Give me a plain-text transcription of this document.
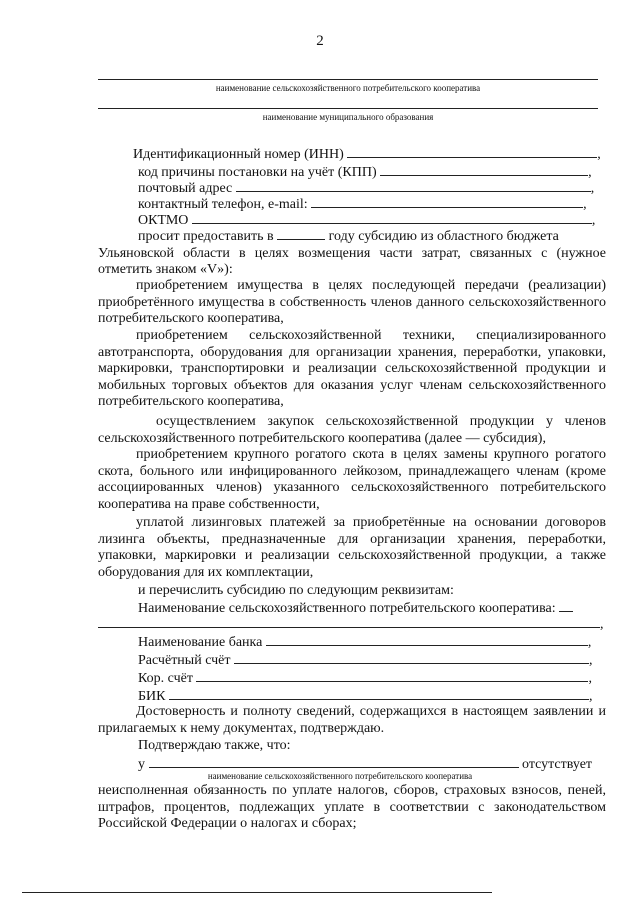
2
наименование сельскохозяйственного потребительского кооператива
наименование муниципального образования
Идентификационный номер (ИНН)	,
код причины постановки на учёт (КПП)	,
почтовый адрес	,
контактный телефон, e-mail:	,
ОКТМО	,
просит предоставить в	году субсидию из областного бюджета
Ульяновской области в целях возмещения части затрат, связанных с (нужное отметить знаком «V»):
приобретением имущества в целях последующей передачи (реализации) приобретённого имущества в собственность членов данного сельскохозяйственного потребительского кооператива,
приобретением сельскохозяйственной техники, специализированного автотранспорта, оборудования для организации хранения, переработки, упаковки, маркировки, транспортировки и реализации сельскохозяйственной продукции и мобильных торговых объектов для оказания услуг членам сельскохозяйственного потребительского кооператива,
осуществлением закупок сельскохозяйственной продукции у членов сельскохозяйственного потребительского кооператива (далее — субсидия),
приобретением крупного рогатого скота в целях замены крупного рогатого скота, больного или инфицированного лейкозом, принадлежащего членам (кроме ассоциированных членов) указанного сельскохозяйственного потребительского кооператива на праве собственности,
уплатой лизинговых платежей за приобретённые на основании договоров лизинга объекты, предназначенные для организации хранения, переработки, упаковки, маркировки и реализации сельскохозяйственной продукции, а также оборудования для их комплектации,
и перечислить субсидию по следующим реквизитам:
Наименование сельскохозяйственного потребительского кооператива:
,
Наименование банка	,
Расчётный счёт	,
Кор. счёт	,
БИК	,
Достоверность и полноту сведений, содержащихся в настоящем заявлении и прилагаемых к нему документах, подтверждаю.
Подтверждаю также, что:
у	отсутствует
наименование сельскохозяйственного потребительского кооператива
неисполненная обязанность по уплате налогов, сборов, страховых взносов, пеней, штрафов, процентов, подлежащих уплате в соответствии с законодательством Российской Федерации о налогах и сборах;
